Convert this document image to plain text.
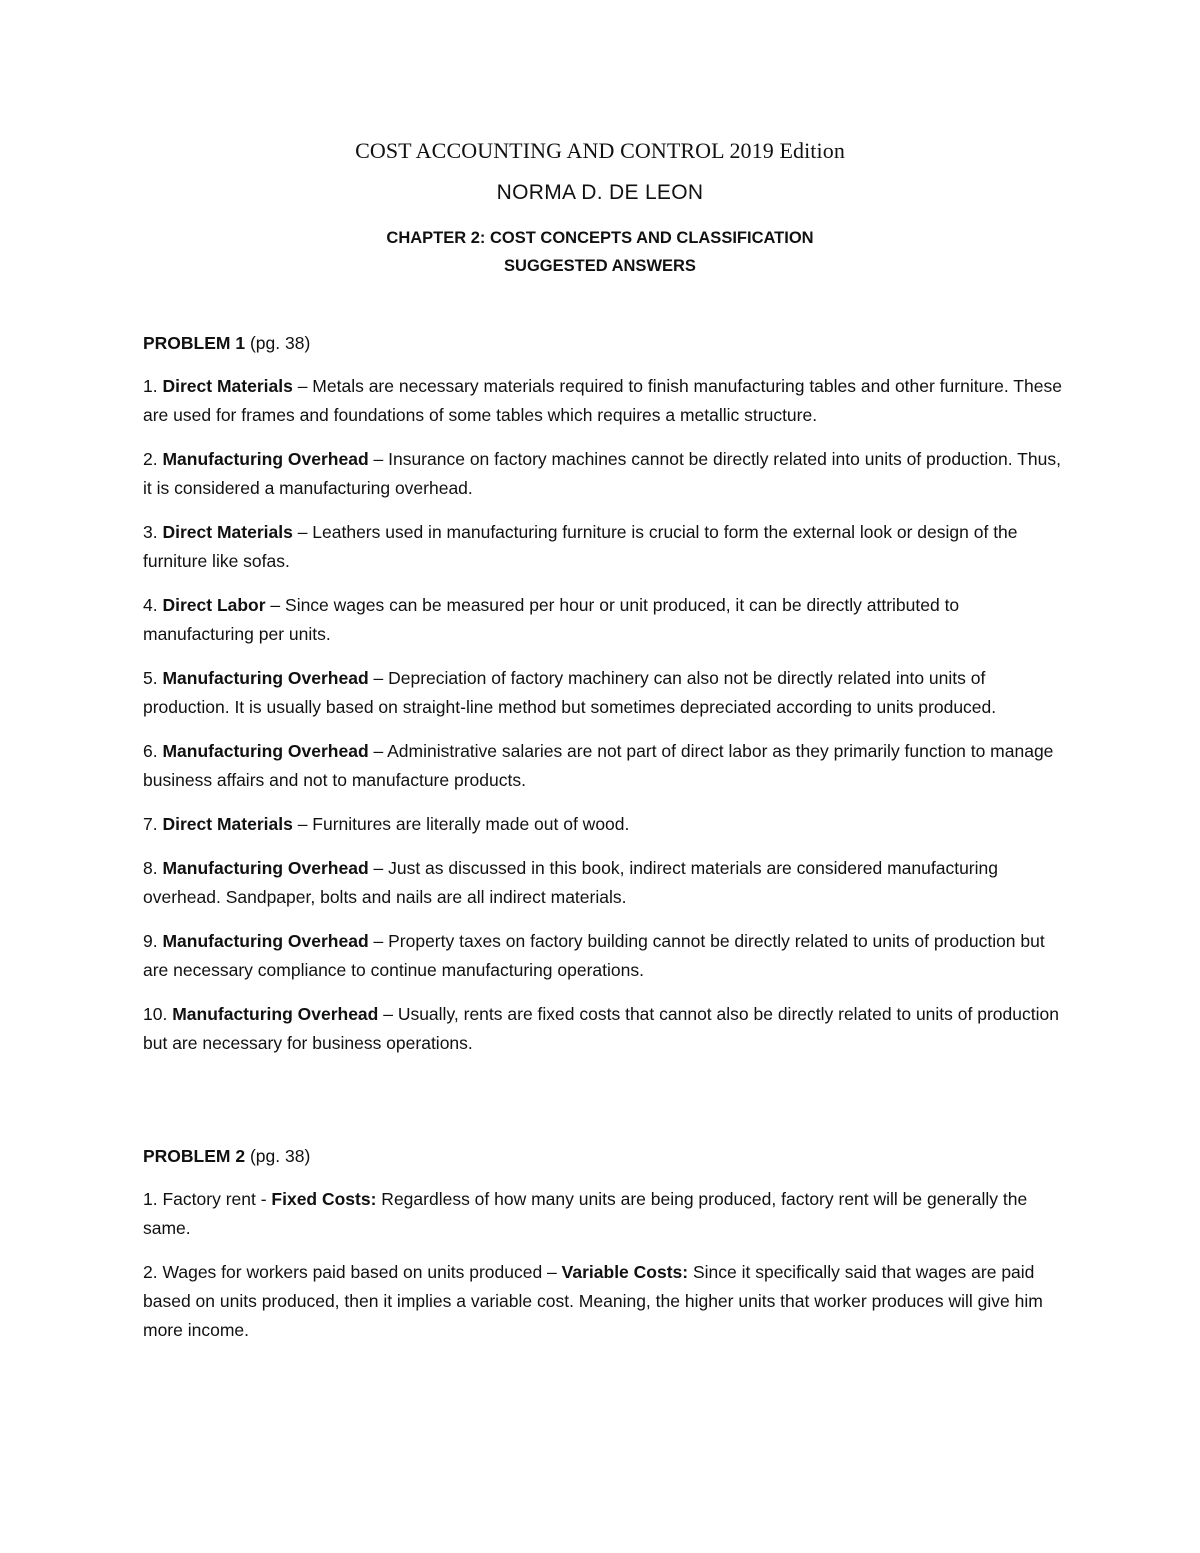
COST ACCOUNTING AND CONTROL 2019 Edition
NORMA D. DE LEON
CHAPTER 2: COST CONCEPTS AND CLASSIFICATION
SUGGESTED ANSWERS
PROBLEM 1 (pg. 38)

1. Direct Materials – Metals are necessary materials required to finish manufacturing tables and other furniture. These are used for frames and foundations of some tables which requires a metallic structure.

2. Manufacturing Overhead – Insurance on factory machines cannot be directly related into units of production. Thus, it is considered a manufacturing overhead.

3. Direct Materials – Leathers used in manufacturing furniture is crucial to form the external look or design of the furniture like sofas.

4. Direct Labor – Since wages can be measured per hour or unit produced, it can be directly attributed to manufacturing per units.

5. Manufacturing Overhead – Depreciation of factory machinery can also not be directly related into units of production. It is usually based on straight-line method but sometimes depreciated according to units produced.

6. Manufacturing Overhead – Administrative salaries are not part of direct labor as they primarily function to manage business affairs and not to manufacture products.

7. Direct Materials – Furnitures are literally made out of wood.

8. Manufacturing Overhead – Just as discussed in this book, indirect materials are considered manufacturing overhead. Sandpaper, bolts and nails are all indirect materials.

9. Manufacturing Overhead – Property taxes on factory building cannot be directly related to units of production but are necessary compliance to continue manufacturing operations.

10. Manufacturing Overhead – Usually, rents are fixed costs that cannot also be directly related to units of production but are necessary for business operations.

PROBLEM 2 (pg. 38)

1. Factory rent - Fixed Costs: Regardless of how many units are being produced, factory rent will be generally the same.

2. Wages for workers paid based on units produced – Variable Costs: Since it specifically said that wages are paid based on units produced, then it implies a variable cost. Meaning, the higher units that worker produces will give him more income.
